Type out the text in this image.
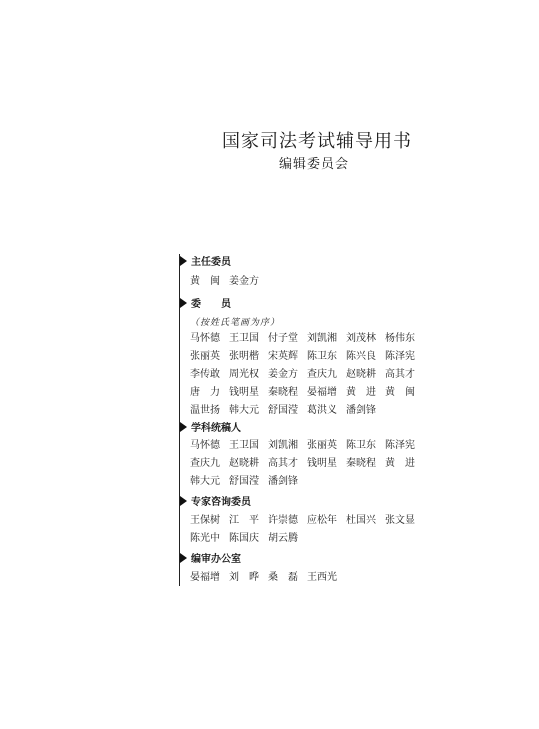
国家司法考试辅导用书
编辑委员会
主任委员
黄　闽 姜金方
委　　员
（按姓氏笔画为序）
马怀德 王卫国 付子堂 刘凯湘 刘茂林 杨伟东
张丽英 张明楷 宋英辉 陈卫东 陈兴良 陈泽宪
李传敢 周光权 姜金方 查庆九 赵晓耕 高其才
唐　力 钱明星 秦晓程 晏福增 黄　进 黄　闽
温世扬 韩大元 舒国滢 葛洪义 潘剑锋
学科统稿人
马怀德 王卫国 刘凯湘 张丽英 陈卫东 陈泽宪
查庆九 赵晓耕 高其才 钱明星 秦晓程 黄　进
韩大元 舒国滢 潘剑锋
专家咨询委员
王保树 江　平 许崇德 应松年 杜国兴 张文显
陈光中 陈国庆 胡云腾
编审办公室
晏福增 刘　晔 桑　磊 王西光
